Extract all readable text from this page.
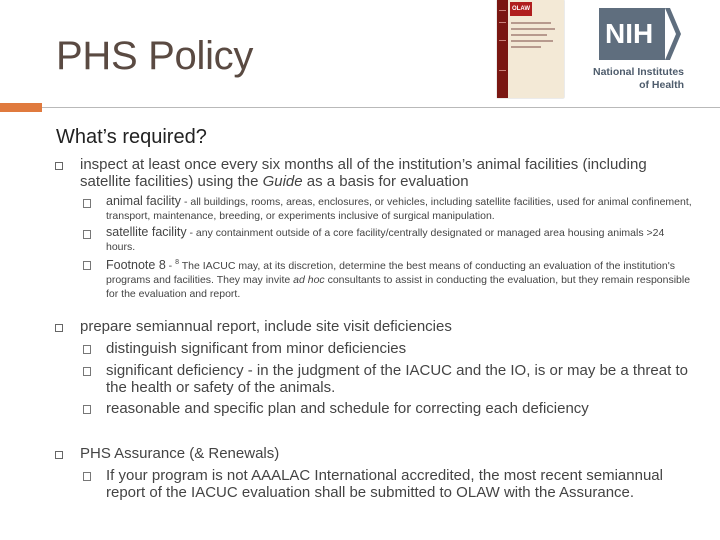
PHS Policy
OLAW
NIH
National Institutes
of Health
What’s required?
inspect at least once every six months all of the institution’s animal facilities (including satellite facilities) using the Guide as a basis for evaluation
animal facility - all buildings, rooms, areas, enclosures, or vehicles, including satellite facilities, used for animal confinement, transport, maintenance, breeding, or experiments inclusive of surgical manipulation.
satellite facility - any containment outside of a core facility/centrally designated or managed area housing animals >24 hours.
Footnote 8 - $^8$ The IACUC may, at its discretion, determine the best means of conducting an evaluation of the institution's programs and facilities. They may invite ad hoc consultants to assist in conducting the evaluation, but they remain responsible for the evaluation and report.
prepare semiannual report, include site visit deficiencies
distinguish significant from minor deficiencies
significant deficiency - in the judgment of the IACUC and the IO, is or may be a threat to the health or safety of the animals.
reasonable and specific plan and schedule for correcting each deficiency
PHS Assurance (& Renewals)
If your program is not AAALAC International accredited, the most recent semiannual report of the IACUC evaluation shall be submitted to OLAW with the Assurance.
